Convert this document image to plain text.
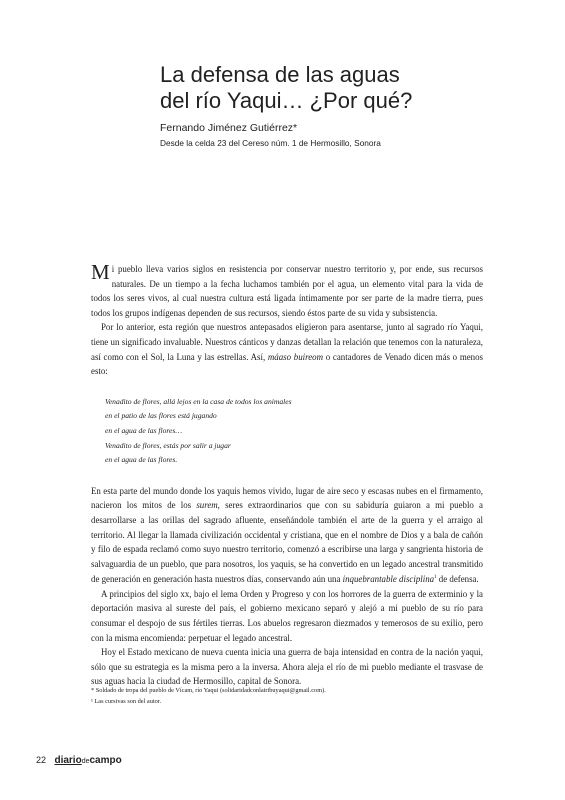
La defensa de las aguas
del río Yaqui… ¿Por qué?
Fernando Jiménez Gutiérrez*
Desde la celda 23 del Cereso núm. 1 de Hermosillo, Sonora

Mi pueblo lleva varios siglos en resistencia por conservar nuestro territorio y, por ende, sus recursos naturales. De un tiempo a la fecha luchamos también por el agua, un elemento vital para la vida de todos los seres vivos, al cual nuestra cultura está ligada íntimamente por ser parte de la madre tierra, pues todos los grupos indígenas dependen de sus recursos, siendo éstos parte de su vida y subsistencia.

Por lo anterior, esta región que nuestros antepasados eligieron para asentarse, junto al sagrado río Yaqui, tiene un significado invaluable. Nuestros cánticos y danzas detallan la relación que tenemos con la naturaleza, así como con el Sol, la Luna y las estrellas. Así, máaso buireom o cantadores de Venado dicen más o menos esto:

Venadito de flores, allá lejos en la casa de todos los animales
en el patio de las flores está jugando
en el agua de las flores…
Venadito de flores, estás por salir a jugar
en el agua de las flores.

En esta parte del mundo donde los yaquis hemos vivido, lugar de aire seco y escasas nubes en el firmamento, nacieron los mitos de los surem, seres extraordinarios que con su sabiduría guiaron a mi pueblo a desarrollarse a las orillas del sagrado afluente, enseñándole también el arte de la guerra y el arraigo al territorio. Al llegar la llamada civilización occidental y cristiana, que en el nombre de Dios y a bala de cañón y filo de espada reclamó como suyo nuestro territorio, comenzó a escribirse una larga y sangrienta historia de salvaguardia de un pueblo, que para nosotros, los yaquis, se ha convertido en un legado ancestral transmitido de generación en generación hasta nuestros días, conservando aún una inquebrantable disciplina$^1$ de defensa.

A principios del siglo xx, bajo el lema Orden y Progreso y con los horrores de la guerra de exterminio y la deportación masiva al sureste del país, el gobierno mexicano separó y alejó a mi pueblo de su río para consumar el despojo de sus fértiles tierras. Los abuelos regresaron diezmados y temerosos de su exilio, pero con la misma encomienda: perpetuar el legado ancestral.

Hoy el Estado mexicano de nueva cuenta inicia una guerra de baja intensidad en contra de la nación yaqui, sólo que su estrategia es la misma pero a la inversa. Ahora aleja el río de mi pueblo mediante el trasvase de sus aguas hacia la ciudad de Hermosillo, capital de Sonora.

* Soldado de tropa del pueblo de Vícam, río Yaqui (solidaridadconlatribuyaqui@gmail.com).
¹ Las cursivas son del autor.
22 diariodecampo
